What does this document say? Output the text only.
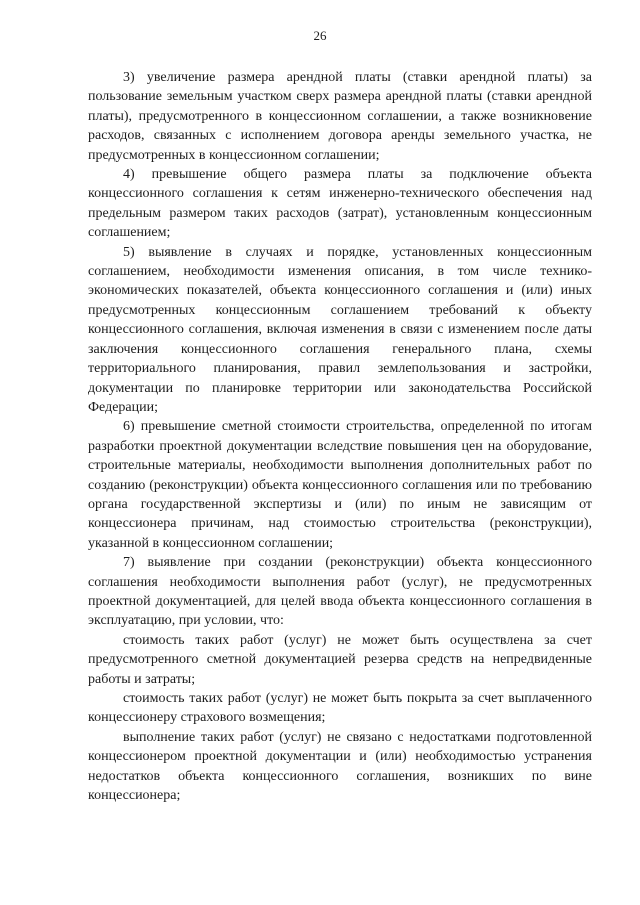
26

3) увеличение размера арендной платы (ставки арендной платы) за пользование земельным участком сверх размера арендной платы (ставки арендной платы), предусмотренного в концессионном соглашении, а также возникновение расходов, связанных с исполнением договора аренды земельного участка, не предусмотренных в концессионном соглашении;

4) превышение общего размера платы за подключение объекта концессионного соглашения к сетям инженерно-технического обеспечения над предельным размером таких расходов (затрат), установленным концессионным соглашением;

5) выявление в случаях и порядке, установленных концессионным соглашением, необходимости изменения описания, в том числе технико-экономических показателей, объекта концессионного соглашения и (или) иных предусмотренных концессионным соглашением требований к объекту концессионного соглашения, включая изменения в связи с изменением после даты заключения концессионного соглашения генерального плана, схемы территориального планирования, правил землепользования и застройки, документации по планировке территории или законодательства Российской Федерации;

6) превышение сметной стоимости строительства, определенной по итогам разработки проектной документации вследствие повышения цен на оборудование, строительные материалы, необходимости выполнения дополнительных работ по созданию (реконструкции) объекта концессионного соглашения или по требованию органа государственной экспертизы и (или) по иным не зависящим от концессионера причинам, над стоимостью строительства (реконструкции), указанной в концессионном соглашении;

7) выявление при создании (реконструкции) объекта концессионного соглашения необходимости выполнения работ (услуг), не предусмотренных проектной документацией, для целей ввода объекта концессионного соглашения в эксплуатацию, при условии, что:

стоимость таких работ (услуг) не может быть осуществлена за счет предусмотренного сметной документацией резерва средств на непредвиденные работы и затраты;

стоимость таких работ (услуг) не может быть покрыта за счет выплаченного концессионеру страхового возмещения;

выполнение таких работ (услуг) не связано с недостатками подготовленной концессионером проектной документации и (или) необходимостью устранения недостатков объекта концессионного соглашения, возникших по вине концессионера;
